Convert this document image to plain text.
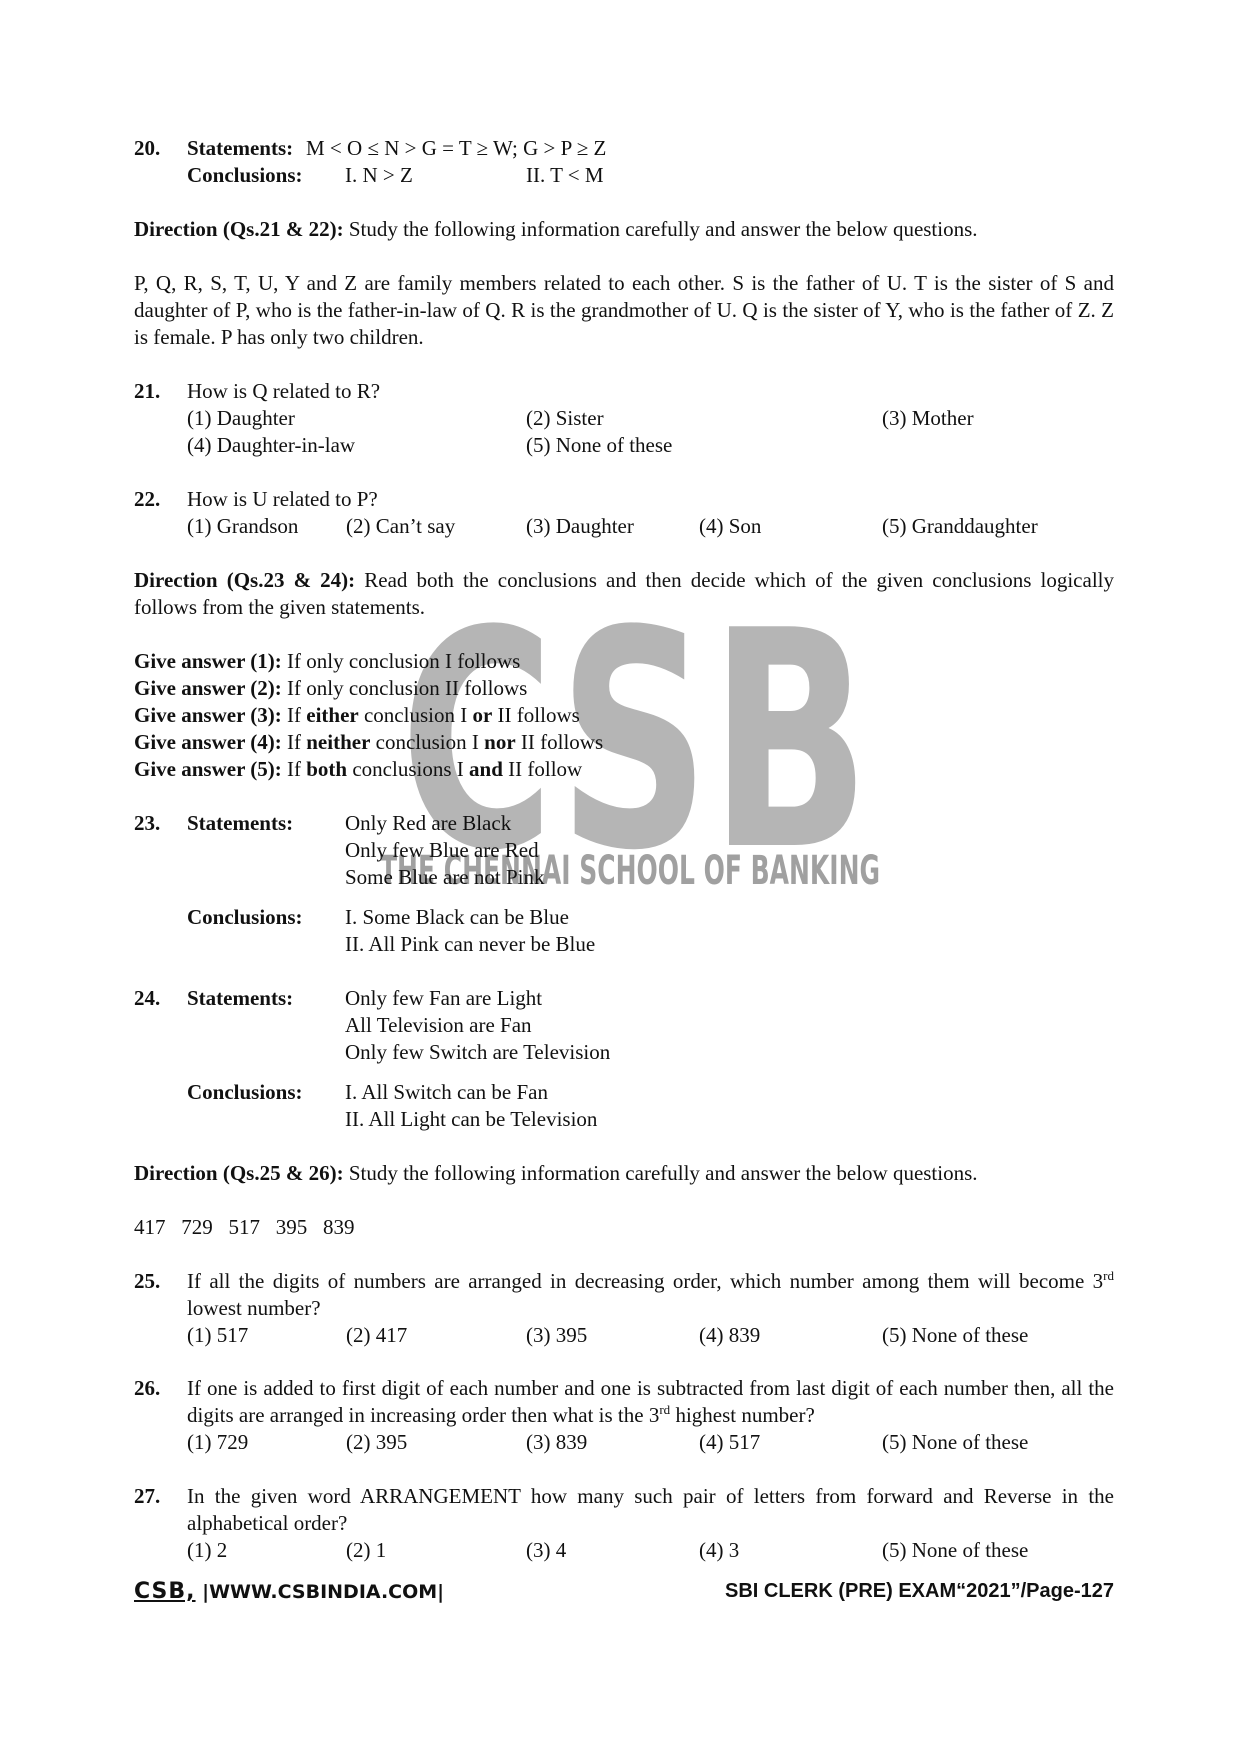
CSB
THE CHENNAI SCHOOL OF BANKING
20.	Statements: M < O ≤ N > G = T ≥ W; G > P ≥ Z
Conclusions: I. N > Z	II. T < M
Direction (Qs.21 & 22): Study the following information carefully and answer the below questions.
P, Q, R, S, T, U, Y and Z are family members related to each other. S is the father of U. T is the sister of S and daughter of P, who is the father-in-law of Q. R is the grandmother of U. Q is the sister of Y, who is the father of Z. Z is female. P has only two children.
21.	How is Q related to R?
(1) Daughter	(2) Sister	(3) Mother
(4) Daughter-in-law	(5) None of these
22.	How is U related to P?
(1) Grandson (2) Can’t say	(3) Daughter	(4) Son	(5) Granddaughter
Direction (Qs.23 & 24): Read both the conclusions and then decide which of the given conclusions logically follows from the given statements.
Give answer (1): If only conclusion I follows
Give answer (2): If only conclusion II follows
Give answer (3): If either conclusion I or II follows
Give answer (4): If neither conclusion I nor II follows
Give answer (5): If both conclusions I and II follow
23.	Statements: Only Red are Black
Only few Blue are Red
Some Blue are not Pink
Conclusions: I. Some Black can be Blue
II. All Pink can never be Blue
24.	Statements: Only few Fan are Light
All Television are Fan
Only few Switch are Television
Conclusions: I. All Switch can be Fan
II. All Light can be Television
Direction (Qs.25 & 26): Study the following information carefully and answer the below questions.
417   729   517   395   839
25.	If all the digits of numbers are arranged in decreasing order, which number among them will become 3rd lowest number?
(1) 517	(2) 417	(3) 395	(4) 839	(5) None of these
26.	If one is added to first digit of each number and one is subtracted from last digit of each number then, all the digits are arranged in increasing order then what is the 3rd highest number?
(1) 729	(2) 395	(3) 839	(4) 517	(5) None of these
27.	In the given word ARRANGEMENT how many such pair of letters from forward and Reverse in the alphabetical order?
(1) 2	(2) 1	(3) 4	(4) 3	(5) None of these
CSB, |WWW.CSBINDIA.COM|	SBI CLERK (PRE) EXAM“2021”/Page-127
